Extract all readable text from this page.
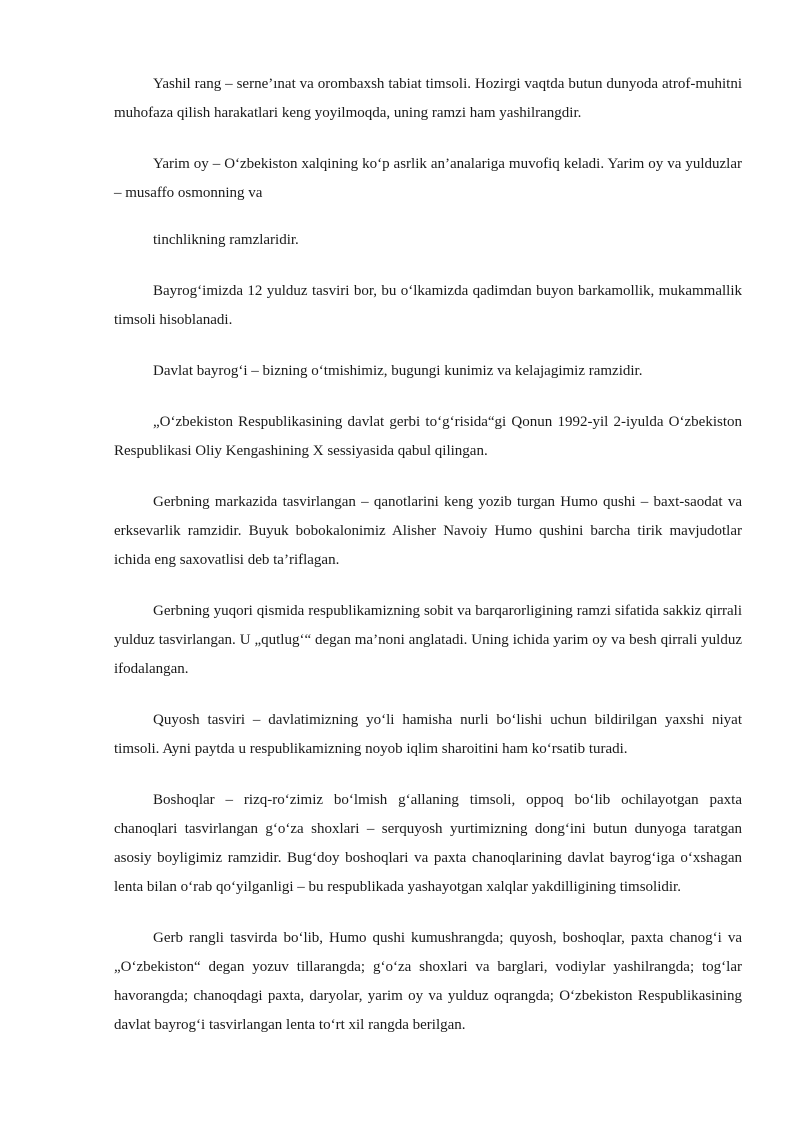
Yashil rang – serne’ınat va orombaxsh tabiat timsoli. Hozirgi vaqtda butun dunyoda atrof-muhitni muhofaza qilish harakatlari keng yoyilmoqda, uning ramzi ham yashilrangdir.

Yarim oy – O‘zbekiston xalqining ko‘p asrlik an’analariga muvofiq keladi. Yarim oy va yulduzlar – musaffo osmonning va

tinchlikning ramzlaridir.

Bayrog‘imizda 12 yulduz tasviri bor, bu o‘lkamizda qadimdan buyon barkamollik, mukammallik timsoli hisoblanadi.

Davlat bayrog‘i – bizning o‘tmishimiz, bugungi kunimiz va kelajagimiz ramzidir.

„O‘zbekiston Respublikasining davlat gerbi to‘g‘risida“gi Qonun 1992-yil 2-iyulda O‘zbekiston Respublikasi Oliy Kengashining X sessiyasida qabul qilingan.

Gerbning markazida tasvirlangan – qanotlarini keng yozib turgan Humo qushi – baxt-saodat va erksevarlik ramzidir. Buyuk bobokalonimiz Alisher Navoiy Humo qushini barcha tirik mavjudotlar ichida eng saxovatlisi deb ta’riflagan.

Gerbning yuqori qismida respublikamizning sobit va barqarorligining ramzi sifatida sakkiz qirrali yulduz tasvirlangan. U „qutlug‘“ degan ma’noni anglatadi. Uning ichida yarim oy va besh qirrali yulduz ifodalangan.

Quyosh tasviri – davlatimizning yo‘li hamisha nurli bo‘lishi uchun bildirilgan yaxshi niyat timsoli. Ayni paytda u respublikamizning noyob iqlim sharoitini ham ko‘rsatib turadi.

Boshoqlar – rizq-ro‘zimiz bo‘lmish g‘allaning timsoli, oppoq bo‘lib ochilayotgan paxta chanoqlari tasvirlangan g‘o‘za shoxlari – serquyosh yurtimizning dong‘ini butun dunyoga taratgan asosiy boyligimiz ramzidir. Bug‘doy boshoqlari va paxta chanoqlarining davlat bayrog‘iga o‘xshagan lenta bilan o‘rab qo‘yilganligi – bu respublikada yashayotgan xalqlar yakdilligining timsolidir.

Gerb rangli tasvirda bo‘lib, Humo qushi kumushrangda; quyosh, boshoqlar, paxta chanog‘i va „O‘zbekiston“ degan yozuv tillarangda; g‘o‘za shoxlari va barglari, vodiylar yashilrangda; tog‘lar havorangda; chanoqdagi paxta, daryolar, yarim oy va yulduz oqrangda; O‘zbekiston Respublikasining davlat bayrog‘i tasvirlangan lenta to‘rt xil rangda berilgan.
